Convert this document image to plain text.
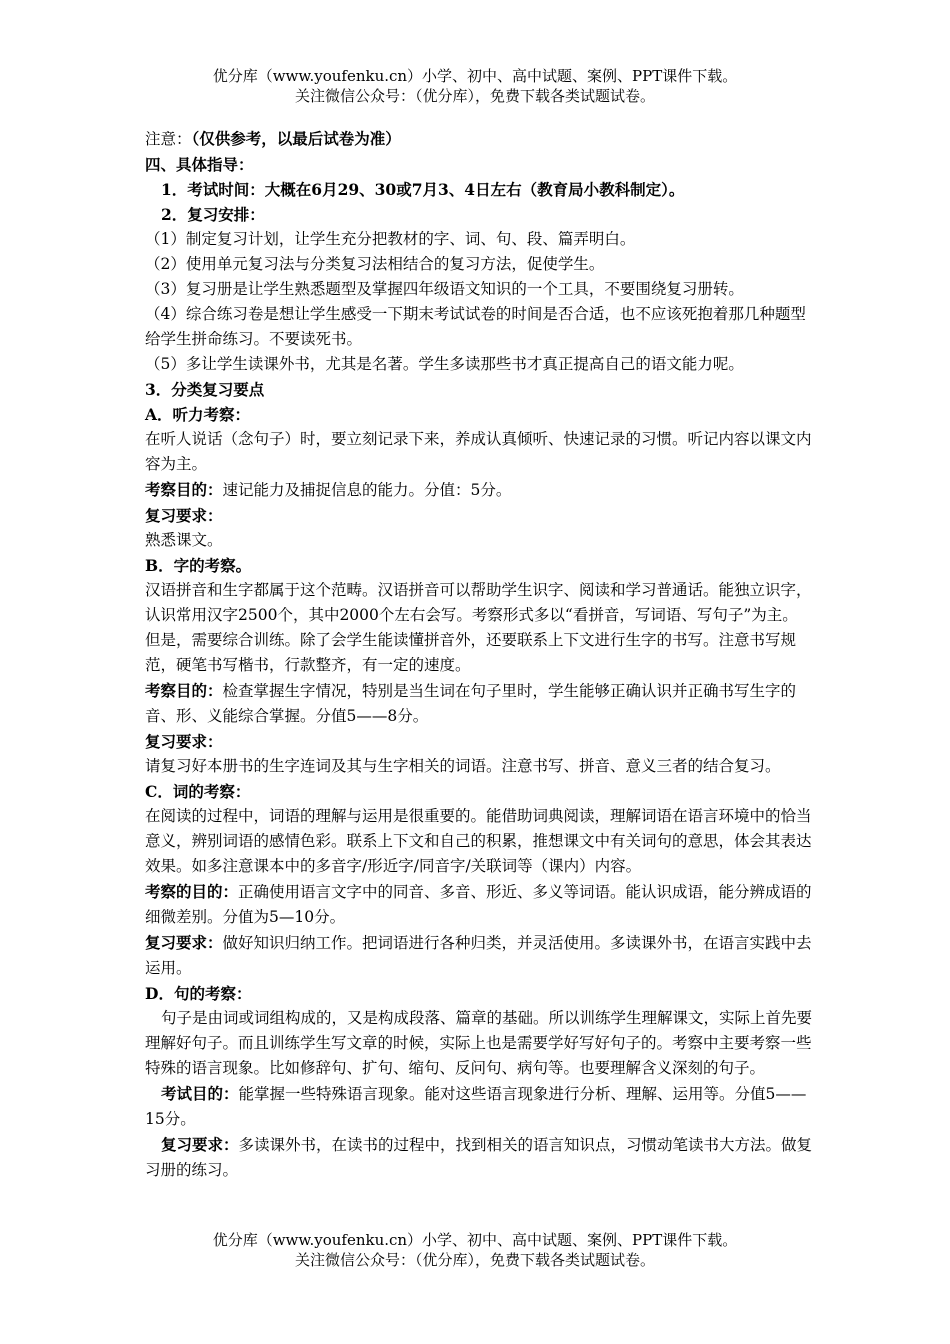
优分库（www.youfenku.cn）小学、初中、高中试题、案例、PPT课件下载。
关注微信公众号：（优分库），免费下载各类试题试卷。

注意：（仅供参考，以最后试卷为准）

四、具体指导：

1．考试时间：大概在6月29、30或7月3、4日左右（教育局小教科制定）。

2．复习安排：

（1）制定复习计划，让学生充分把教材的字、词、句、段、篇弄明白。

（2）使用单元复习法与分类复习法相结合的复习方法，促使学生。

（3）复习册是让学生熟悉题型及掌握四年级语文知识的一个工具，不要围绕复习册转。

（4）综合练习卷是想让学生感受一下期末考试试卷的时间是否合适，也不应该死抱着那几种题型给学生拼命练习。不要读死书。

（5）多让学生读课外书，尤其是名著。学生多读那些书才真正提高自己的语文能力呢。

3．分类复习要点

A．听力考察：

在听人说话（念句子）时，要立刻记录下来，养成认真倾听、快速记录的习惯。听记内容以课文内容为主。

考察目的：速记能力及捕捉信息的能力。分值：5分。

复习要求：

熟悉课文。

B．字的考察。

汉语拼音和生字都属于这个范畴。汉语拼音可以帮助学生识字、阅读和学习普通话。能独立识字，认识常用汉字2500个，其中2000个左右会写。考察形式多以“看拼音，写词语、写句子”为主。但是，需要综合训练。除了会学生能读懂拼音外，还要联系上下文进行生字的书写。注意书写规范，硬笔书写楷书，行款整齐，有一定的速度。

考察目的：检查掌握生字情况，特别是当生词在句子里时，学生能够正确认识并正确书写生字的音、形、义能综合掌握。分值5——8分。

复习要求：

请复习好本册书的生字连词及其与生字相关的词语。注意书写、拼音、意义三者的结合复习。

C．词的考察：

在阅读的过程中，词语的理解与运用是很重要的。能借助词典阅读，理解词语在语言环境中的恰当意义，辨别词语的感情色彩。联系上下文和自己的积累，推想课文中有关词句的意思，体会其表达效果。如多注意课本中的多音字/形近字/同音字/关联词等（课内）内容。

考察的目的：正确使用语言文字中的同音、多音、形近、多义等词语。能认识成语，能分辨成语的细微差别。分值为5—10分。

复习要求：做好知识归纳工作。把词语进行各种归类，并灵活使用。多读课外书，在语言实践中去运用。

D．句的考察：

句子是由词或词组构成的，又是构成段落、篇章的基础。所以训练学生理解课文，实际上首先要理解好句子。而且训练学生写文章的时候，实际上也是需要学好写好句子的。考察中主要考察一些特殊的语言现象。比如修辞句、扩句、缩句、反问句、病句等。也要理解含义深刻的句子。

考试目的：能掌握一些特殊语言现象。能对这些语言现象进行分析、理解、运用等。分值5——15分。

复习要求：多读课外书，在读书的过程中，找到相关的语言知识点，习惯动笔读书大方法。做复习册的练习。

优分库（www.youfenku.cn）小学、初中、高中试题、案例、PPT课件下载。
关注微信公众号：（优分库），免费下载各类试题试卷。
